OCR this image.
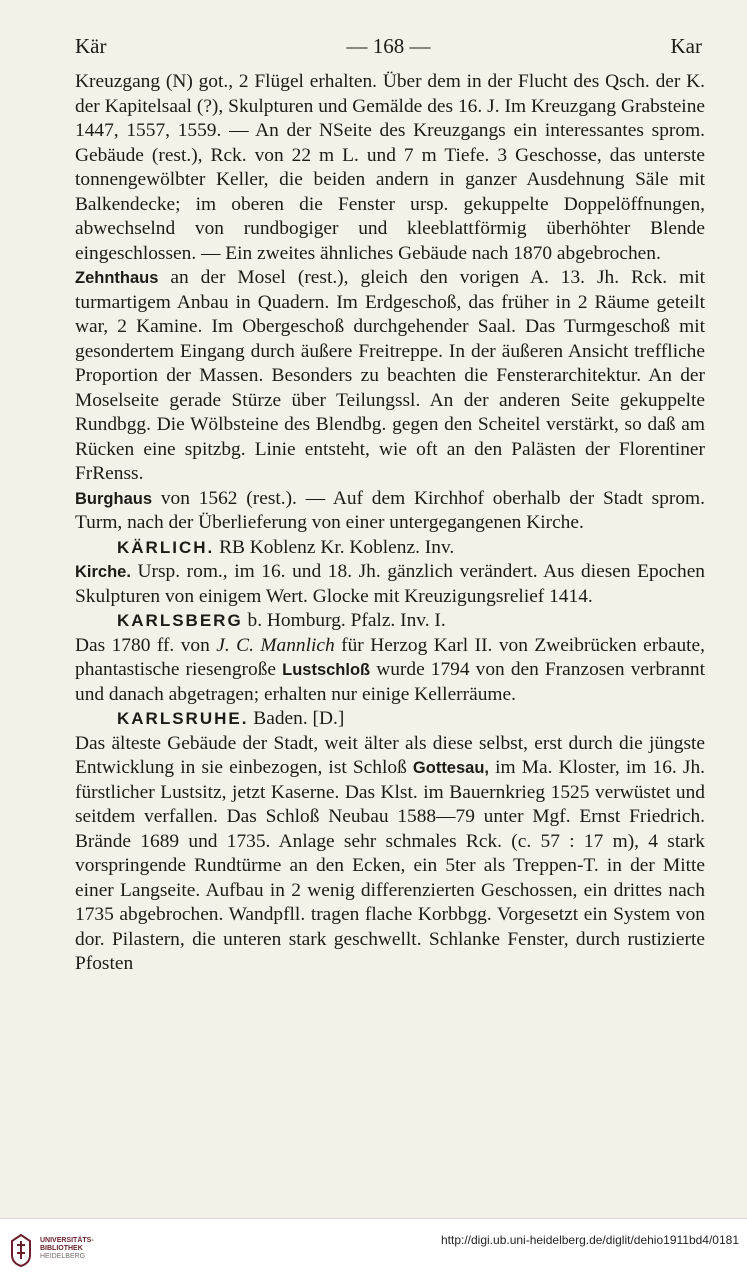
Kär	— 168 —	Kar

Kreuzgang (N) got., 2 Flügel erhalten. Über dem in der Flucht des Qsch. der K. der Kapitelsaal (?), Skulpturen und Gemälde des 16. J. Im Kreuzgang Grabsteine 1447, 1557, 1559. — An der NSeite des Kreuzgangs ein interessantes sprom. Gebäude (rest.), Rck. von 22 m L. und 7 m Tiefe. 3 Geschosse, das unterste tonnengewölbter Keller, die beiden andern in ganzer Ausdehnung Säle mit Balkendecke; im oberen die Fenster ursp. gekuppelte Doppelöffnungen, abwechselnd von rundbogiger und kleeblattförmig überhöhter Blende eingeschlossen. — Ein zweites ähnliches Gebäude nach 1870 abgebrochen.

Zehnthaus an der Mosel (rest.), gleich den vorigen A. 13. Jh. Rck. mit turmartigem Anbau in Quadern. Im Erdgeschoß, das früher in 2 Räume geteilt war, 2 Kamine. Im Obergeschoß durchgehender Saal. Das Turmgeschoß mit gesondertem Eingang durch äußere Freitreppe. In der äußeren Ansicht treffliche Proportion der Massen. Besonders zu beachten die Fensterarchitektur. An der Moselseite gerade Stürze über Teilungssl. An der anderen Seite gekuppelte Rundbgg. Die Wölbsteine des Blendbg. gegen den Scheitel verstärkt, so daß am Rücken eine spitzbg. Linie entsteht, wie oft an den Palästen der Florentiner FrRenss.

Burghaus von 1562 (rest.). — Auf dem Kirchhof oberhalb der Stadt sprom. Turm, nach der Überlieferung von einer untergegangenen Kirche.

KÄRLICH. RB Koblenz Kr. Koblenz. Inv.

Kirche. Ursp. rom., im 16. und 18. Jh. gänzlich verändert. Aus diesen Epochen Skulpturen von einigem Wert. Glocke mit Kreuzigungsrelief 1414.

KARLSBERG b. Homburg. Pfalz. Inv. I.

Das 1780 ff. von J. C. Mannlich für Herzog Karl II. von Zweibrücken erbaute, phantastische riesengroße Lustschloß wurde 1794 von den Franzosen verbrannt und danach abgetragen; erhalten nur einige Kellerräume.

KARLSRUHE. Baden. [D.]

Das älteste Gebäude der Stadt, weit älter als diese selbst, erst durch die jüngste Entwicklung in sie einbezogen, ist Schloß Gottesau, im Ma. Kloster, im 16. Jh. fürstlicher Lustsitz, jetzt Kaserne. Das Klst. im Bauernkrieg 1525 verwüstet und seitdem verfallen. Das Schloß Neubau 1588—79 unter Mgf. Ernst Friedrich. Brände 1689 und 1735. Anlage sehr schmales Rck. (c. 57 : 17 m), 4 stark vorspringende Rundtürme an den Ecken, ein 5ter als Treppen-T. in der Mitte einer Langseite. Aufbau in 2 wenig differenzierten Geschossen, ein drittes nach 1735 abgebrochen. Wandpfll. tragen flache Korbbgg. Vorgesetzt ein System von dor. Pilastern, die unteren stark geschwellt. Schlanke Fenster, durch rustizierte Pfosten

UNIVERSITÄTS-
BIBLIOTHEK
HEIDELBERG
http://digi.ub.uni-heidelberg.de/diglit/dehio1911bd4/0181
